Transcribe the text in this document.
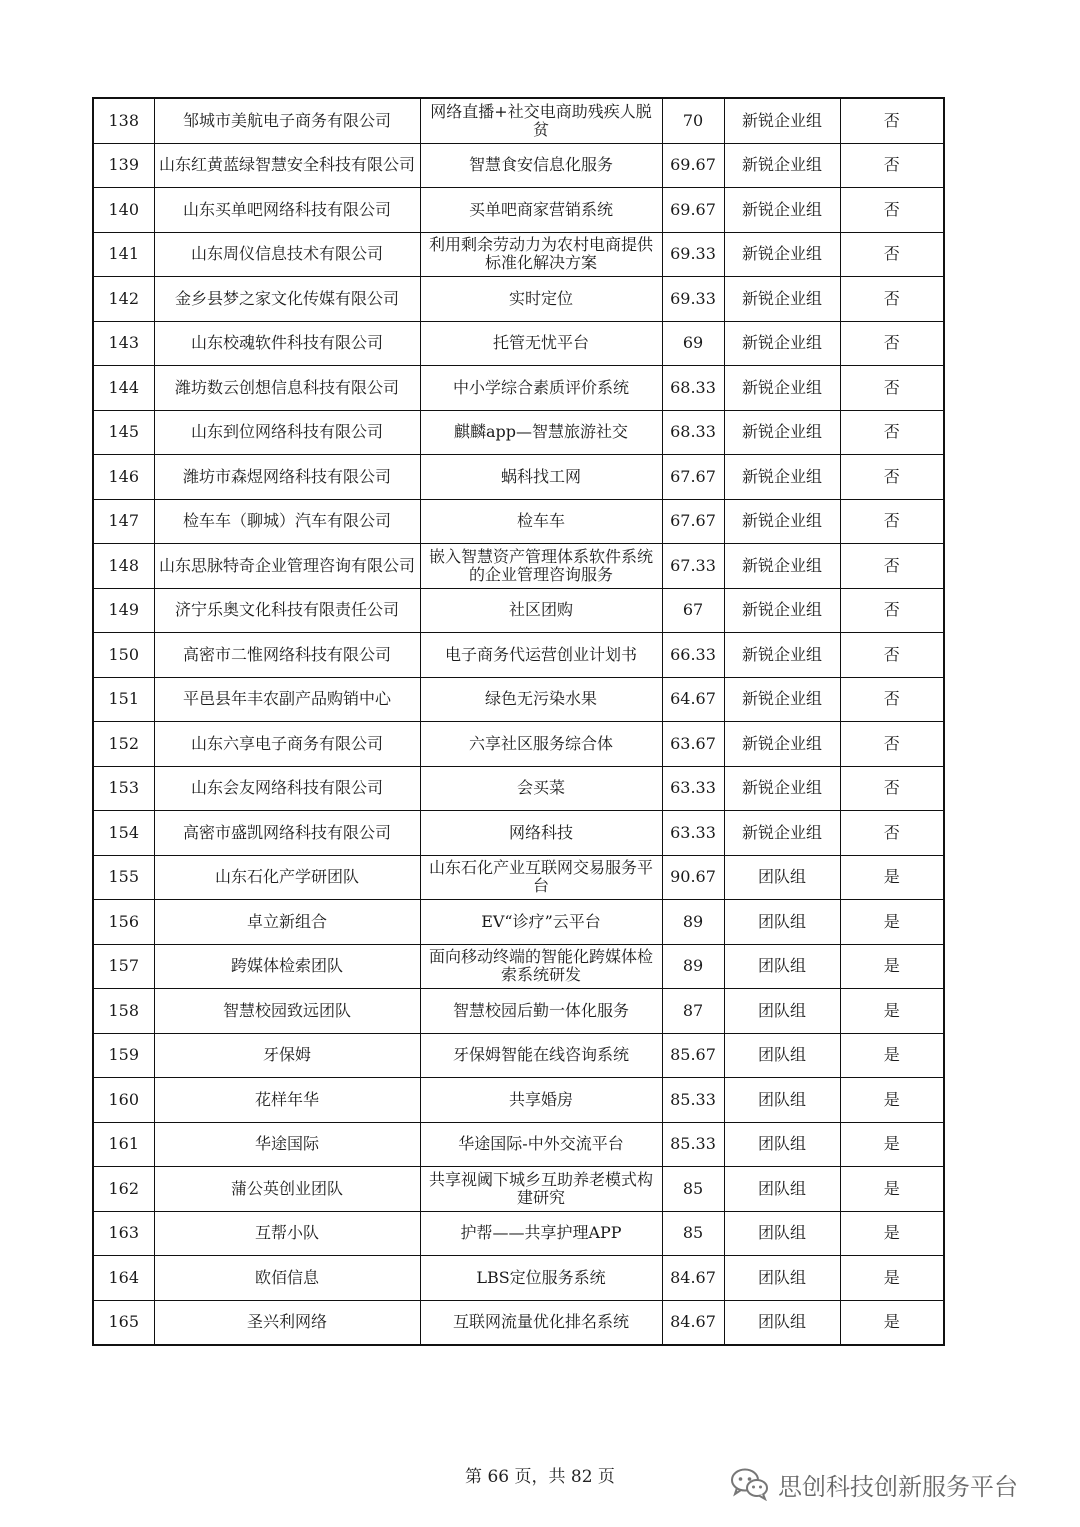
138	邹城市美航电子商务有限公司	网络直播+社交电商助残疾人脱贫	70	新锐企业组	否
139	山东红黄蓝绿智慧安全科技有限公司	智慧食安信息化服务	69.67	新锐企业组	否
140	山东买单吧网络科技有限公司	买单吧商家营销系统	69.67	新锐企业组	否
141	山东周仪信息技术有限公司	利用剩余劳动力为农村电商提供标准化解决方案	69.33	新锐企业组	否
142	金乡县梦之家文化传媒有限公司	实时定位	69.33	新锐企业组	否
143	山东校魂软件科技有限公司	托管无忧平台	69	新锐企业组	否
144	潍坊数云创想信息科技有限公司	中小学综合素质评价系统	68.33	新锐企业组	否
145	山东到位网络科技有限公司	麒麟app—智慧旅游社交	68.33	新锐企业组	否
146	潍坊市森煜网络科技有限公司	蜗科找工网	67.67	新锐企业组	否
147	检车车（聊城）汽车有限公司	检车车	67.67	新锐企业组	否
148	山东思脉特奇企业管理咨询有限公司	嵌入智慧资产管理体系软件系统的企业管理咨询服务	67.33	新锐企业组	否
149	济宁乐奥文化科技有限责任公司	社区团购	67	新锐企业组	否
150	高密市二惟网络科技有限公司	电子商务代运营创业计划书	66.33	新锐企业组	否
151	平邑县年丰农副产品购销中心	绿色无污染水果	64.67	新锐企业组	否
152	山东六享电子商务有限公司	六享社区服务综合体	63.67	新锐企业组	否
153	山东会友网络科技有限公司	会买菜	63.33	新锐企业组	否
154	高密市盛凯网络科技有限公司	网络科技	63.33	新锐企业组	否
155	山东石化产学研团队	山东石化产业互联网交易服务平台	90.67	团队组	是
156	卓立新组合	EV“诊疗”云平台	89	团队组	是
157	跨媒体检索团队	面向移动终端的智能化跨媒体检索系统研发	89	团队组	是
158	智慧校园致远团队	智慧校园后勤一体化服务	87	团队组	是
159	牙保姆	牙保姆智能在线咨询系统	85.67	团队组	是
160	花样年华	共享婚房	85.33	团队组	是
161	华途国际	华途国际-中外交流平台	85.33	团队组	是
162	蒲公英创业团队	共享视阈下城乡互助养老模式构建研究	85	团队组	是
163	互帮小队	护帮——共享护理APP	85	团队组	是
164	欧佰信息	LBS定位服务系统	84.67	团队组	是
165	圣兴利网络	互联网流量优化排名系统	84.67	团队组	是
第 66 页，共 82 页	思创科技创新服务平台
